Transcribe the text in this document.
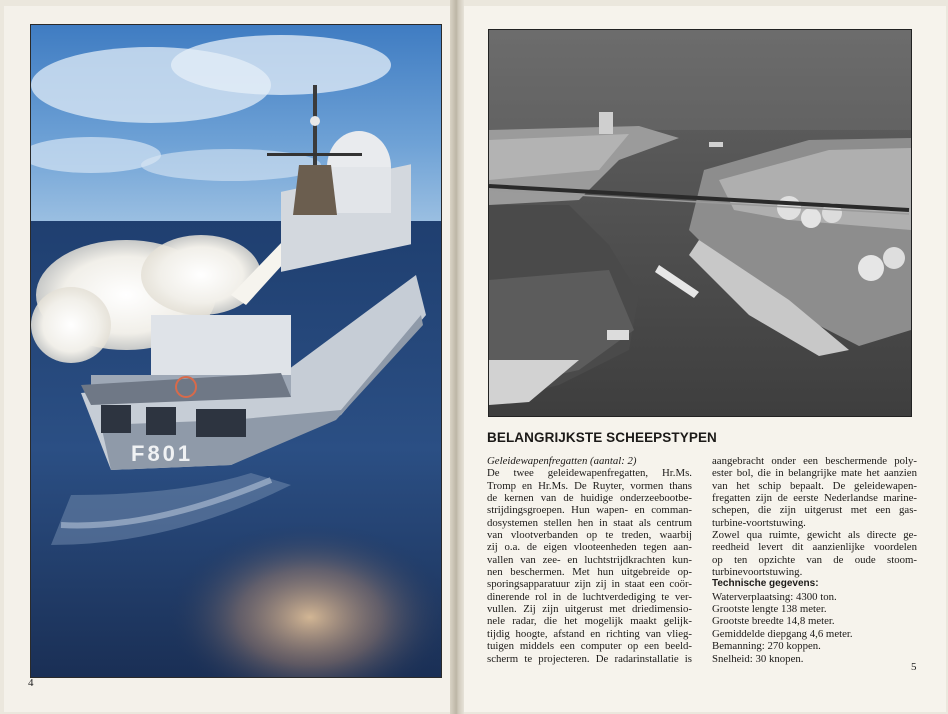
F801
4
5
BELANGRIJKSTE SCHEEPSTYPEN
Geleidewapenfregatten (aantal: 2)
De twee geleidewapenfregatten, Hr.Ms.
Tromp en Hr.Ms. De Ruyter, vormen thans
de kernen van de huidige onderzeebootbe-
strijdingsgroepen. Hun wapen- en comman-
dosystemen stellen hen in staat als centrum
van vlootverbanden op te treden, waarbij
zij o.a. de eigen vlooteenheden tegen aan-
vallen van zee- en luchtstrijdkrachten kun-
nen beschermen. Met hun uitgebreide op-
sporingsapparatuur zijn zij in staat een coör-
dinerende rol in de luchtverdediging te ver-
vullen. Zij zijn uitgerust met driedimensio-
nele radar, die het mogelijk maakt gelijk-
tijdig hoogte, afstand en richting van vlieg-
tuigen middels een computer op een beeld-
scherm te projecteren. De radarinstallatie is
aangebracht onder een beschermende poly-
ester bol, die in belangrijke mate het aanzien
van het schip bepaalt. De geleidewapen-
fregatten zijn de eerste Nederlandse marine-
schepen, die zijn uitgerust met een gas-
turbine-voortstuwing.
Zowel qua ruimte, gewicht als directe ge-
reedheid levert dit aanzienlijke voordelen
op ten opzichte van de oude stoom-
turbinevoortstuwing.
Technische gegevens:
Waterverplaatsing: 4300 ton.
Grootste lengte 138 meter.
Grootste breedte 14,8 meter.
Gemiddelde diepgang 4,6 meter.
Bemanning: 270 koppen.
Snelheid: 30 knopen.
